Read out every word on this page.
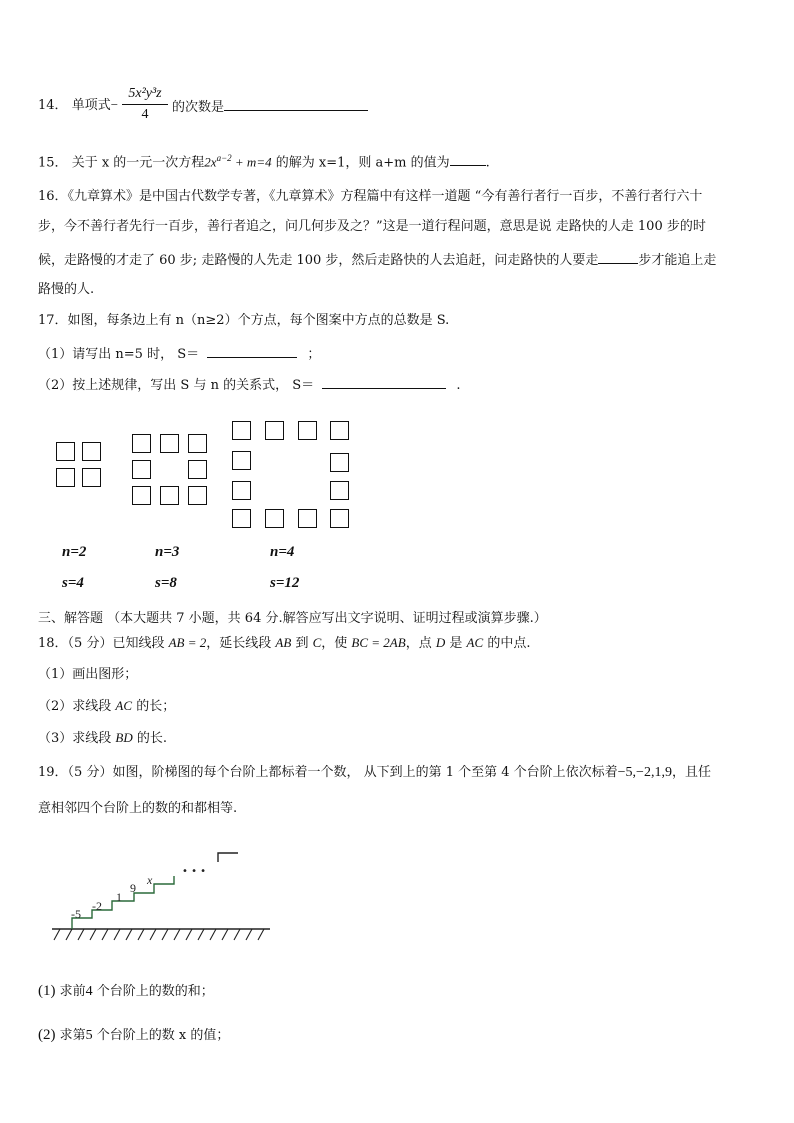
14． 单项式−
5x²y³z
4	的次数是
15． 关于 x 的一元一次方程$2x^{a-2} + m=4$ 的解为 x=1，则 a+m 的值为	.
16．《九章算术》是中国古代数学专著，《九章算术》方程篇中有这样一道题 “今有善行者行一百步，不善行者行六十
步，今不善行者先行一百步，善行者追之，问几何步及之？”这是一道行程问题，意思是说 走路快的人走 100 步的时
候，走路慢的才走了 60 步; 走路慢的人先走 100 步，然后走路快的人去追赶，问走路快的人要走	步才能追上走
路慢的人.
17．如图，每条边上有 n（n≥2）个方点，每个图案中方点的总数是 S.
（1）请写出 n=5 时， S＝	；
（2）按上述规律，写出 S 与 n 的关系式， S＝	.
n=2	n=3	n=4
s=4	s=8	s=12
三、解答题 （本大题共 7 小题，共 64 分.解答应写出文字说明、证明过程或演算步骤.）
18．（5 分）已知线段 AB = 2，延长线段 AB 到 C，使 BC = 2AB，点 D 是 AC 的中点.
（1）画出图形；
（2）求线段 AC 的长；
（3）求线段 BD 的长.
19．（5 分）如图，阶梯图的每个台阶上都标着一个数， 从下到上的第 1 个至第 4 个台阶上依次标着−5,−2,1,9，且任
意相邻四个台阶上的数的和都相等.
-5
-2
1
9
x
• • •
(1) 求前4 个台阶上的数的和；
(2) 求第5 个台阶上的数 x 的值；
